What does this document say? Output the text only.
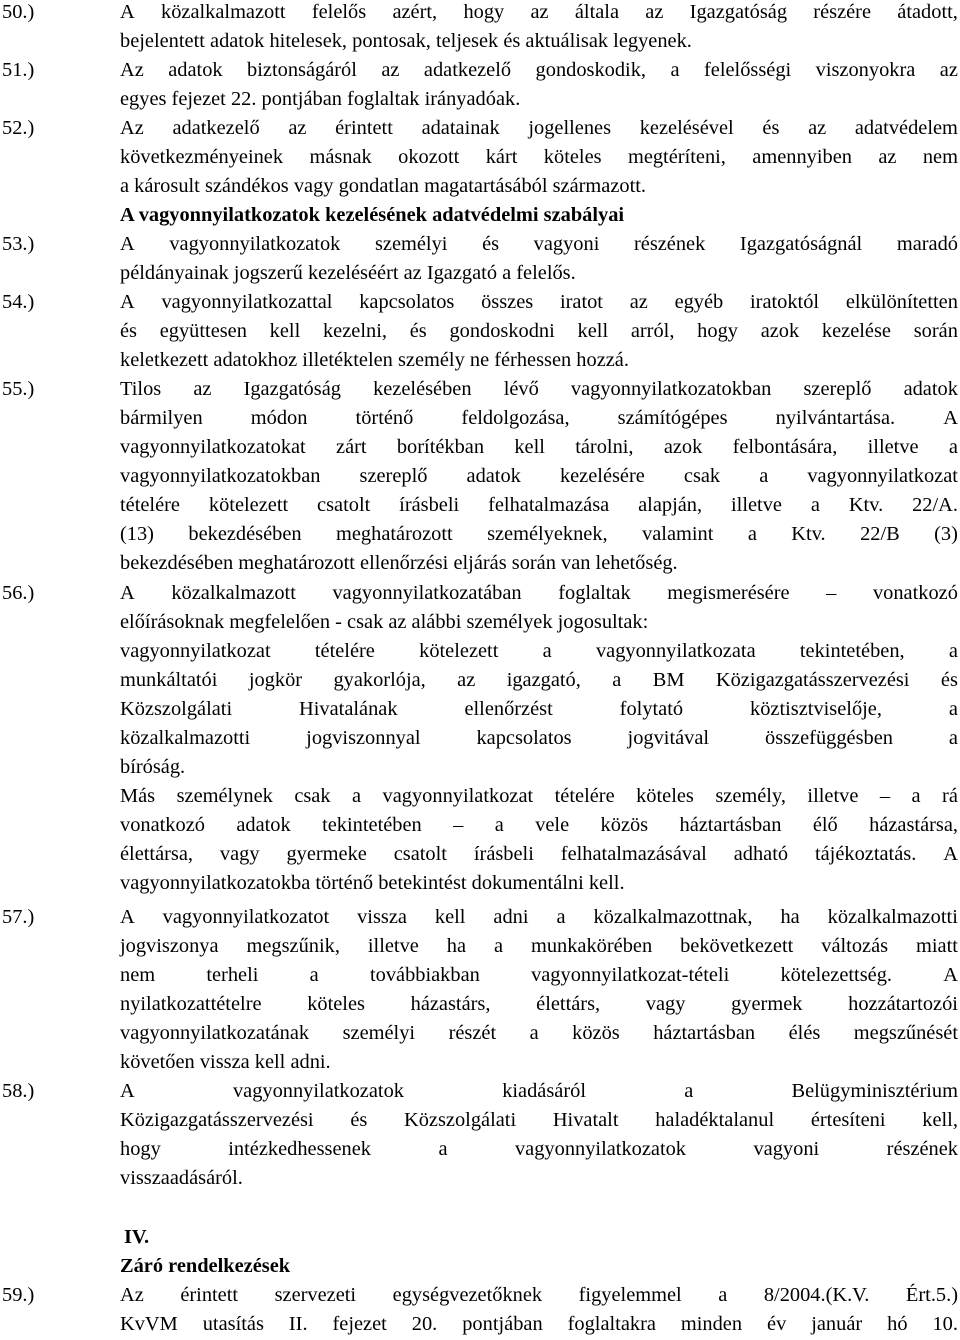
50.)	A közalkalmazott felelős azért, hogy az általa az Igazgatóság részére átadott,
bejelentett adatok hitelesek, pontosak, teljesek és aktuálisak legyenek.
51.)	Az adatok biztonságáról az adatkezelő gondoskodik, a felelősségi viszonyokra az
egyes fejezet 22. pontjában foglaltak irányadóak.
52.)	Az adatkezelő az érintett adatainak jogellenes kezelésével és az adatvédelem
következményeinek másnak okozott kárt köteles megtéríteni, amennyiben az nem
a károsult szándékos vagy gondatlan magatartásából származott.
A vagyonnyilatkozatok kezelésének adatvédelmi szabályai
53.)	A vagyonnyilatkozatok személyi és vagyoni részének Igazgatóságnál maradó
példányainak jogszerű kezeléséért az Igazgató a felelős.
54.)	A vagyonnyilatkozattal kapcsolatos összes iratot az egyéb iratoktól elkülönítetten
és együttesen kell kezelni, és gondoskodni kell arról, hogy azok kezelése során
keletkezett adatokhoz illetéktelen személy ne férhessen hozzá.
55.)	Tilos az Igazgatóság kezelésében lévő vagyonnyilatkozatokban szereplő adatok
bármilyen módon történő feldolgozása, számítógépes nyilvántartása. A
vagyonnyilatkozatokat zárt borítékban kell tárolni, azok felbontására, illetve a
vagyonnyilatkozatokban szereplő adatok kezelésére csak a vagyonnyilatkozat
tételére kötelezett csatolt írásbeli felhatalmazása alapján, illetve a Ktv. 22/A.
(13) bekezdésében meghatározott személyeknek, valamint a Ktv. 22/B (3)
bekezdésében meghatározott ellenőrzési eljárás során van lehetőség.
56.)	A közalkalmazott vagyonnyilatkozatában foglaltak megismerésére – vonatkozó
előírásoknak megfelelően - csak az alábbi személyek jogosultak:
vagyonnyilatkozat tételére kötelezett a vagyonnyilatkozata tekintetében, a
munkáltatói jogkör gyakorlója, az igazgató, a BM Közigazgatásszervezési és
Közszolgálati	Hivatalának	ellenőrzést	folytató	köztisztviselője,	a
közalkalmazotti	jogviszonnyal	kapcsolatos	jogvitával	összefüggésben	a
bíróság.
Más személynek csak a vagyonnyilatkozat tételére köteles személy, illetve – a rá
vonatkozó adatok tekintetében – a vele közös háztartásban élő házastársa,
élettársa, vagy gyermeke csatolt írásbeli felhatalmazásával adható tájékoztatás. A
vagyonnyilatkozatokba történő betekintést dokumentálni kell.
57.)	A vagyonnyilatkozatot vissza kell adni a közalkalmazottnak, ha közalkalmazotti
jogviszonya megszűnik, illetve ha a munkakörében bekövetkezett változás miatt
nem	terheli	a	továbbiakban	vagyonnyilatkozat-tételi	kötelezettség.	A
nyilatkozattételre köteles házastárs, élettárs, vagy gyermek hozzátartozói
vagyonnyilatkozatának személyi részét a közös háztartásban élés megszűnését
követően vissza kell adni.
58.)	A	vagyonnyilatkozatok	kiadásáról	a	Belügyminisztérium
Közigazgatásszervezési és Közszolgálati Hivatalt haladéktalanul értesíteni kell,
hogy	intézkedhessenek	a	vagyonnyilatkozatok	vagyoni	részének
visszaadásáról.
IV.
Záró rendelkezések
59.)	Az érintett szervezeti egységvezetőknek figyelemmel a 8/2004.(K.V. Ért.5.)
KvVM utasítás II. fejezet 20. pontjában foglaltakra minden év január hó 10.
